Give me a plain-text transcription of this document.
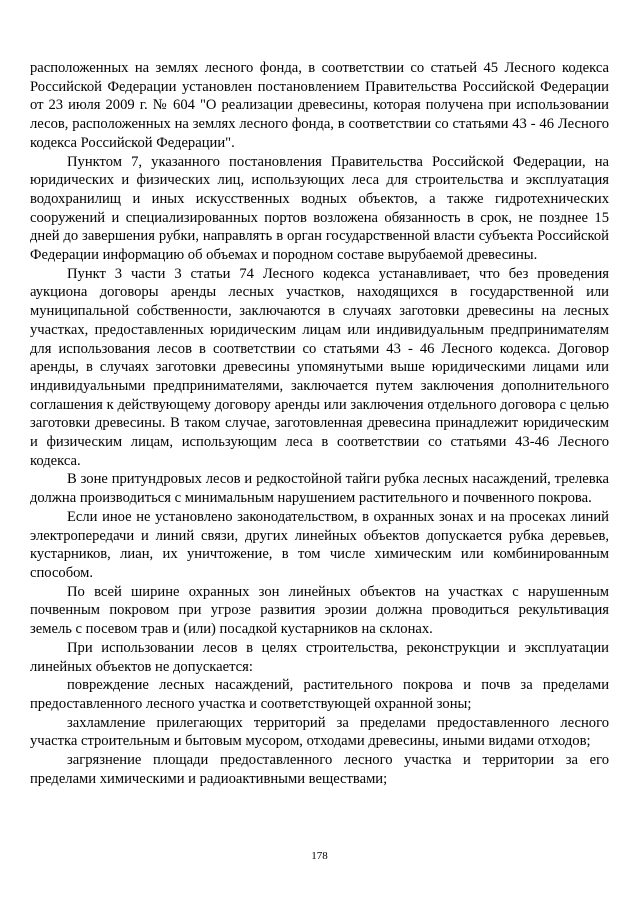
расположенных на землях лесного фонда, в соответствии со статьей 45 Лесного кодекса Российской Федерации установлен постановлением Правительства Российской Федерации от 23 июля 2009 г. № 604 "О реализации древесины, которая получена при использовании лесов, расположенных на землях лесного фонда, в соответствии со статьями 43 - 46 Лесного кодекса Российской Федерации".

Пунктом 7, указанного постановления Правительства Российской Федерации, на юридических и физических лиц, использующих леса для строительства и эксплуатация водохранилищ и иных искусственных водных объектов, а также гидротехнических сооружений и специализированных портов возложена обязанность в срок, не позднее 15 дней до завершения рубки, направлять в орган государственной власти субъекта Российской Федерации информацию об объемах и породном составе вырубаемой древесины.

Пункт 3 части 3 статьи 74 Лесного кодекса устанавливает, что без проведения аукциона договоры аренды лесных участков, находящихся в государственной или муниципальной собственности, заключаются в случаях заготовки древесины на лесных участках, предоставленных юридическим лицам или индивидуальным предпринимателям для использования лесов в соответствии со статьями 43 - 46 Лесного кодекса. Договор аренды, в случаях заготовки древесины упомянутыми выше юридическими лицами или индивидуальными предпринимателями, заключается путем заключения дополнительного соглашения к действующему договору аренды или заключения отдельного договора с целью заготовки древесины. В таком случае, заготовленная древесина принадлежит юридическим и физическим лицам, использующим леса в соответствии со статьями 43-46 Лесного кодекса.

В зоне притундровых лесов и редкостойной тайги рубка лесных насаждений, трелевка должна производиться с минимальным нарушением растительного и почвенного покрова.

Если иное не установлено законодательством, в охранных зонах и на просеках линий электропередачи и линий связи, других линейных объектов допускается рубка деревьев, кустарников, лиан, их уничтожение, в том числе химическим или комбинированным способом.

По всей ширине охранных зон линейных объектов на участках с нарушенным почвенным покровом при угрозе развития эрозии должна проводиться рекультивация земель с посевом трав и (или) посадкой кустарников на склонах.

При использовании лесов в целях строительства, реконструкции и эксплуатации линейных объектов не допускается:

повреждение лесных насаждений, растительного покрова и почв за пределами предоставленного лесного участка и соответствующей охранной зоны;

захламление прилегающих территорий за пределами предоставленного лесного участка строительным и бытовым мусором, отходами древесины, иными видами отходов;

загрязнение площади предоставленного лесного участка и территории за его пределами химическими и радиоактивными веществами;

178
